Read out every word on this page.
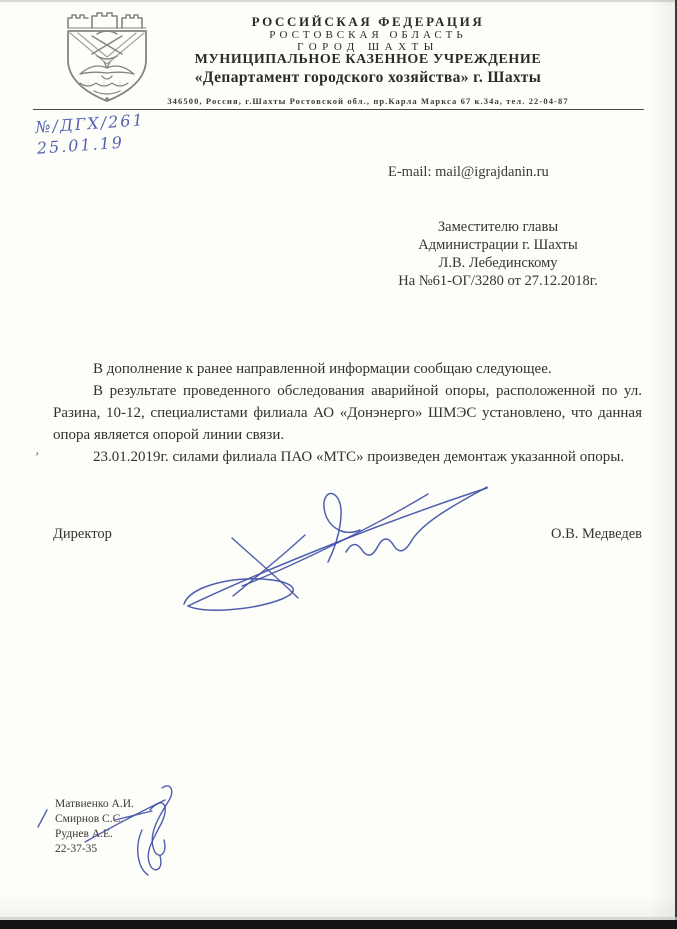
РОССИЙСКАЯ ФЕДЕРАЦИЯ
РОСТОВСКАЯ ОБЛАСТЬ
ГОРОД ШАХТЫ
МУНИЦИПАЛЬНОЕ КАЗЕННОЕ УЧРЕЖДЕНИЕ
«Департамент городского хозяйства» г. Шахты
346500, Россия, г.Шахты Ростовской обл., пр.Карла Маркса 67 к.34а, тел. 22-04-87
№/ДГХ/261
25.01.19
E-mail: mail@igrajdanin.ru
Заместителю главы
Администрации г. Шахты
Л.В. Лебединскому
На №61-ОГ/3280 от 27.12.2018г.
,

В дополнение к ранее направленной информации сообщаю следующее.

В результате проведенного обследования аварийной опоры, расположенной по ул. Разина, 10-12, специалистами филиала АО «Донэнерго» ШМЭС установлено, что данная опора является опорой линии связи.

23.01.2019г. силами филиала ПАО «МТС» произведен демонтаж указанной опоры.

Директор	О.В. Медведев
Матвиенко А.И.
Смирнов С.С.
Руднев А.Е.
22-37-35
